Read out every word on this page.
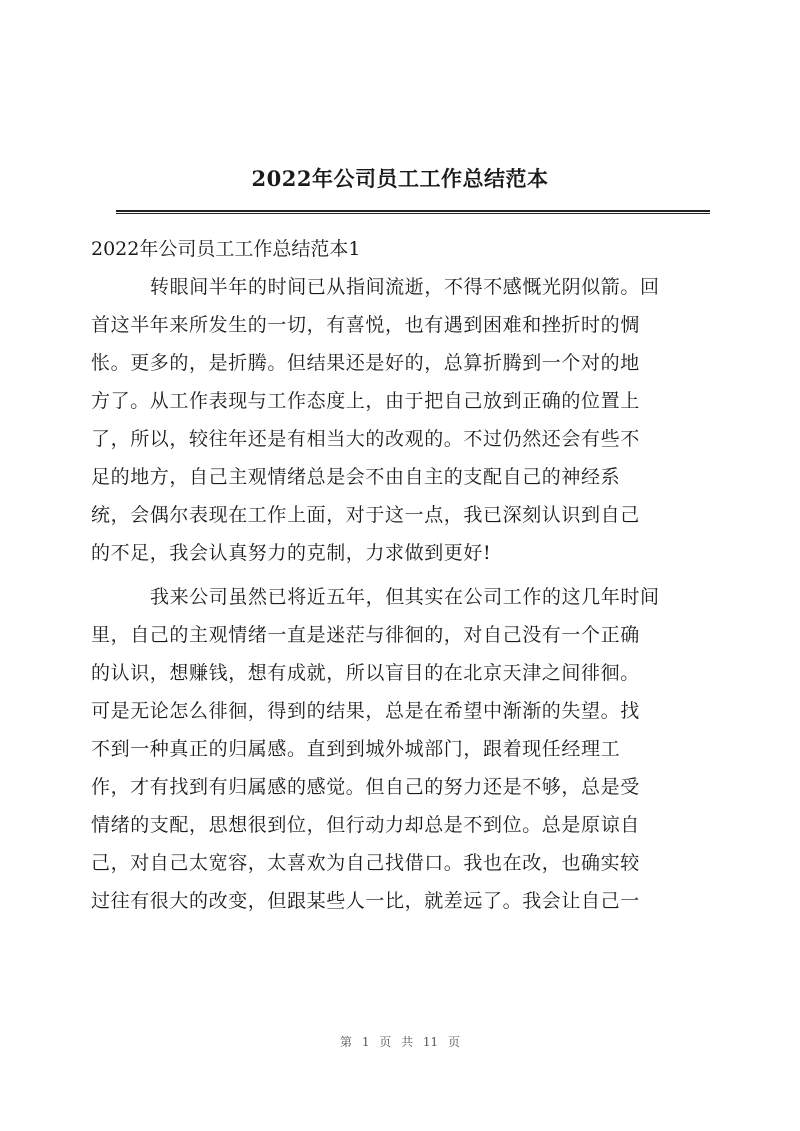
2022年公司员工工作总结范本
2022年公司员工工作总结范本1
转眼间半年的时间已从指间流逝，不得不感慨光阴似箭。回
首这半年来所发生的一切，有喜悦，也有遇到困难和挫折时的惆
怅。更多的，是折腾。但结果还是好的，总算折腾到一个对的地
方了。从工作表现与工作态度上，由于把自己放到正确的位置上
了，所以，较往年还是有相当大的改观的。不过仍然还会有些不
足的地方，自己主观情绪总是会不由自主的支配自己的神经系
统，会偶尔表现在工作上面，对于这一点，我已深刻认识到自己
的不足，我会认真努力的克制，力求做到更好!
我来公司虽然已将近五年，但其实在公司工作的这几年时间
里，自己的主观情绪一直是迷茫与徘徊的，对自己没有一个正确
的认识，想赚钱，想有成就，所以盲目的在北京天津之间徘徊。
可是无论怎么徘徊，得到的结果，总是在希望中渐渐的失望。找
不到一种真正的归属感。直到到城外城部门，跟着现任经理工
作，才有找到有归属感的感觉。但自己的努力还是不够，总是受
情绪的支配，思想很到位，但行动力却总是不到位。总是原谅自
己，对自己太宽容，太喜欢为自己找借口。我也在改，也确实较
过往有很大的改变，但跟某些人一比，就差远了。我会让自己一
第 1 页 共 11 页
